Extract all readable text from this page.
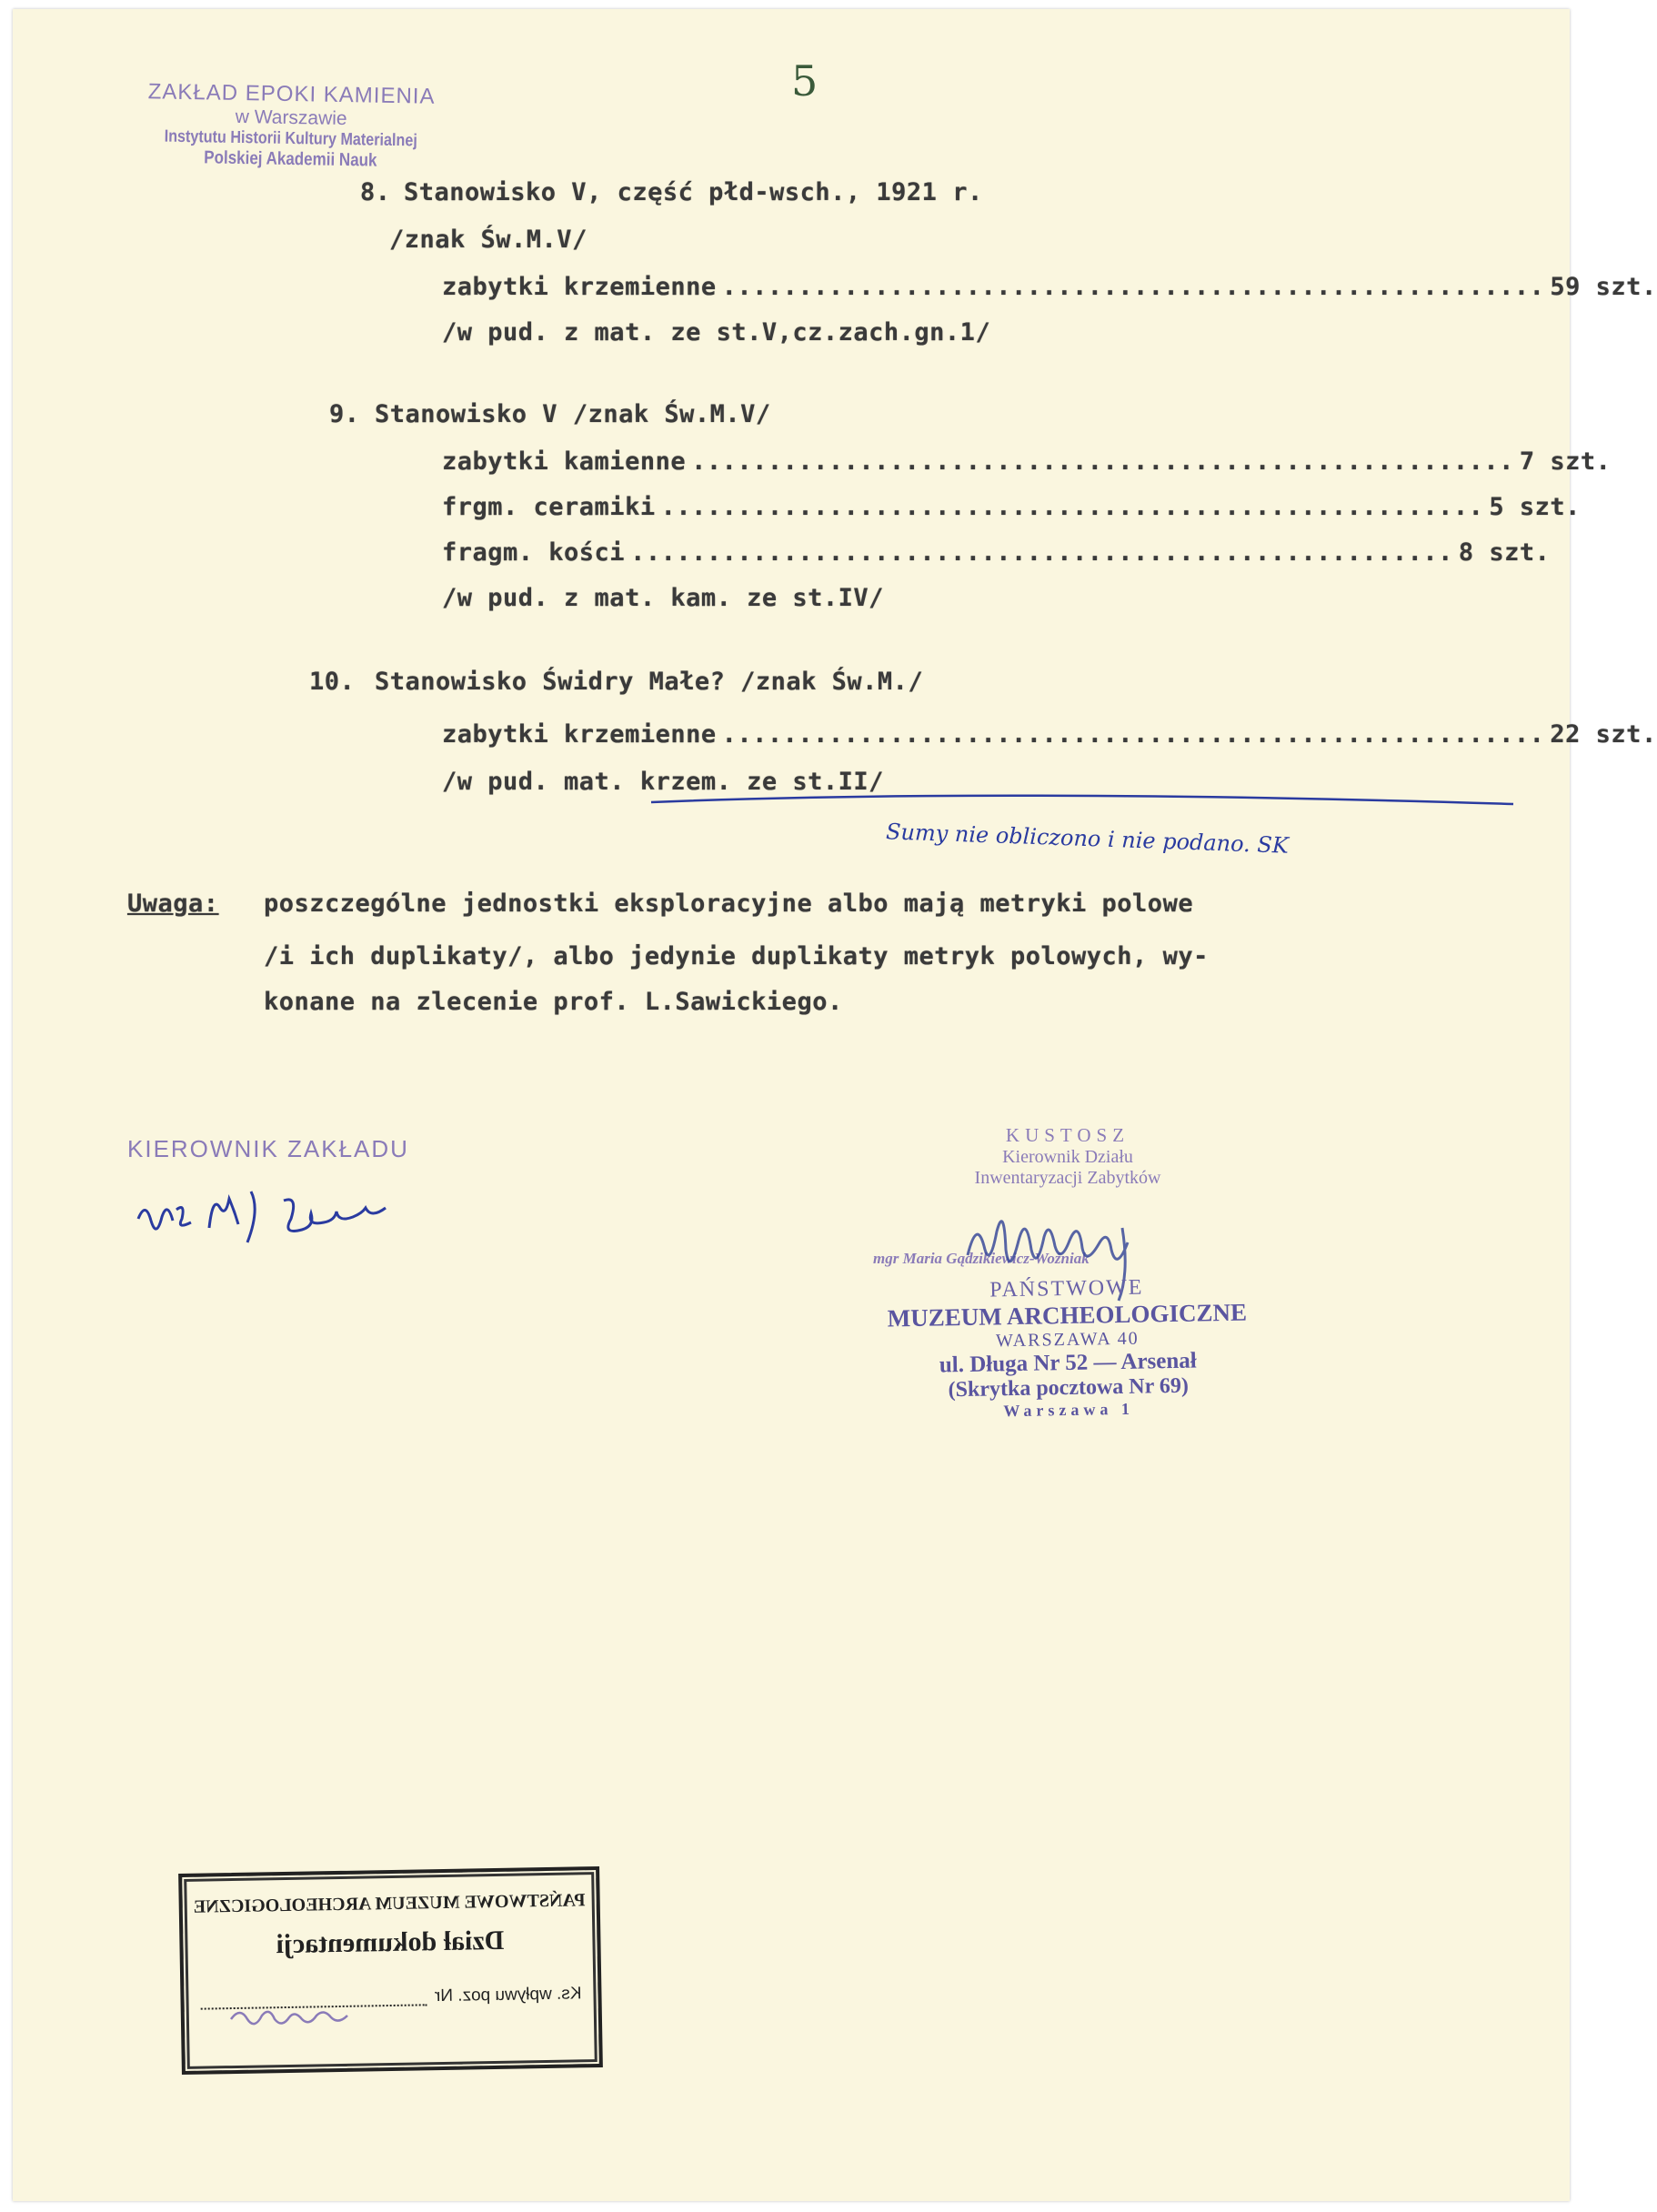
5
ZAKŁAD EPOKI KAMIENIA
w Warszawie
Instytutu Historii Kultury Materialnej
Polskiej Akademii Nauk
8. Stanowisko V, część płd-wsch., 1921 r.
/znak Św.M.V/
zabytki krzemienne ...................................................... 59 szt.
/w pud. z mat. ze st.V,cz.zach.gn.1/
9. Stanowisko V /znak Św.M.V/
zabytki kamienne ...................................................... 7 szt.
frgm. ceramiki ...................................................... 5 szt.
fragm. kości ...................................................... 8 szt.
/w pud. z mat. kam. ze st.IV/
10. Stanowisko Świdry Małe? /znak Św.M./
zabytki krzemienne ...................................................... 22 szt.
/w pud. mat. krzem. ze st.II/
Sumy nie obliczono i nie podano. SK
Uwaga: poszczególne jednostki eksploracyjne albo mają metryki polowe
/i ich duplikaty/, albo jedynie duplikaty metryk polowych, wy-
konane na zlecenie prof. L.Sawickiego.
KIEROWNIK ZAKŁADU	KUSTOSZ
Kierownik Działu
Inwentaryzacji Zabytków
mgr Maria Gądzikiewicz-Woźniak
PAŃSTWOWE
MUZEUM ARCHEOLOGICZNE
WARSZAWA 40
ul. Długa Nr 52 — Arsenał
(Skrytka pocztowa Nr 69)
Warszawa 1
PAŃSTWOWE MUZEUM ARCHEOLOGICZNE
Dział dokumentacji
Ks. wpływu poz. Nr
